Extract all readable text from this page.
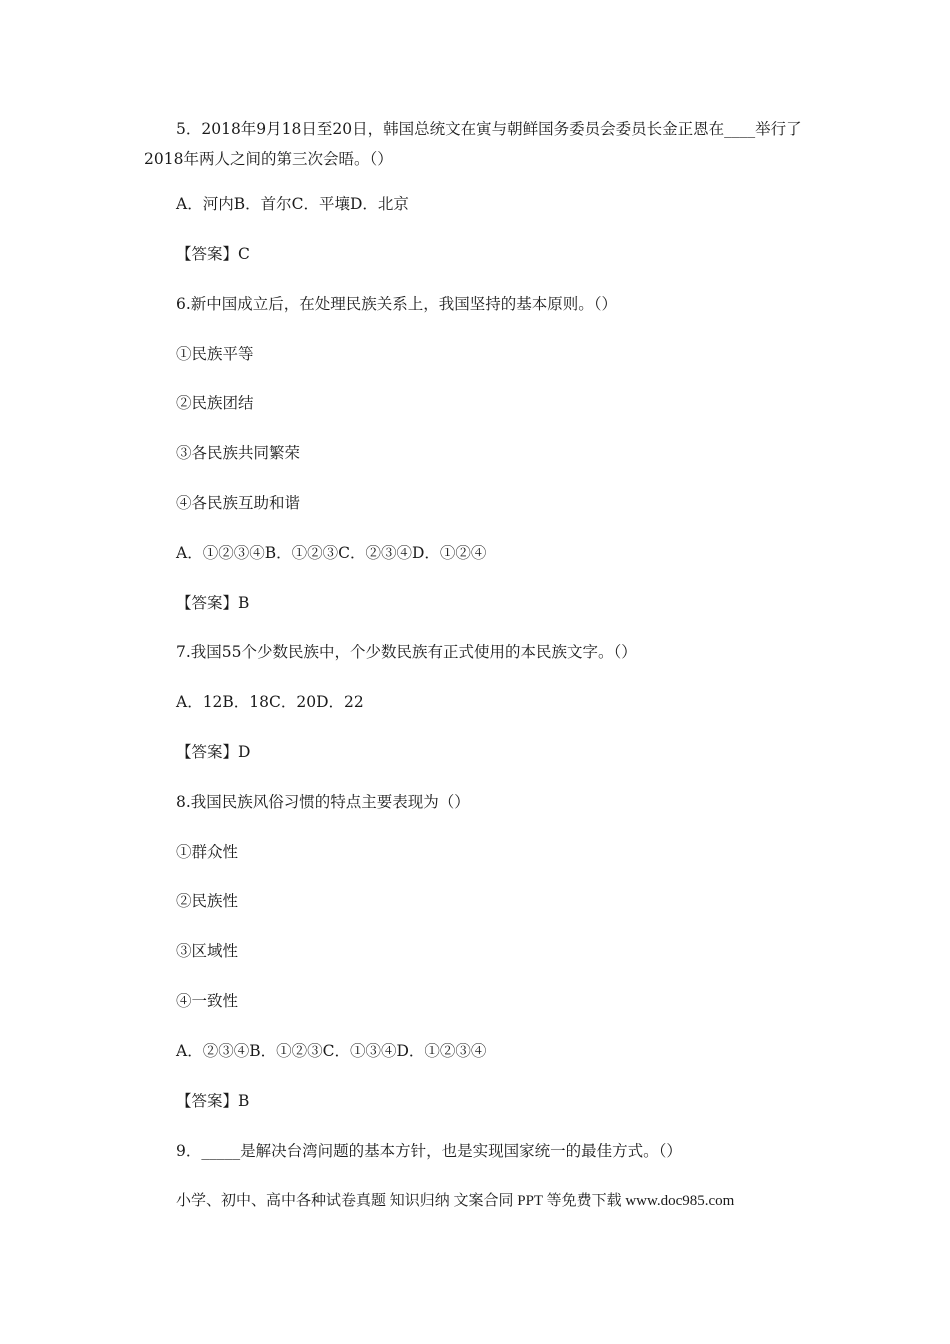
5．2018年9月18日至20日，韩国总统文在寅与朝鲜国务委员会委员长金正恩在____举行了2018年两人之间的第三次会晤。（）
A．河内B．首尔C．平壤D．北京
【答案】C
6.新中国成立后，在处理民族关系上，我国坚持的基本原则。（）
①民族平等
②民族团结
③各民族共同繁荣
④各民族互助和谐
A．①②③④B．①②③C．②③④D．①②④
【答案】B
7.我国55个少数民族中，个少数民族有正式使用的本民族文字。（）
A．12B．18C．20D．22
【答案】D
8.我国民族风俗习惯的特点主要表现为（）
①群众性
②民族性
③区域性
④一致性
A．②③④B．①②③C．①③④D．①②③④
【答案】B
9．_____是解决台湾问题的基本方针，也是实现国家统一的最佳方式。（）
小学、初中、高中各种试卷真题 知识归纳 文案合同 PPT 等免费下载 www.doc985.com
